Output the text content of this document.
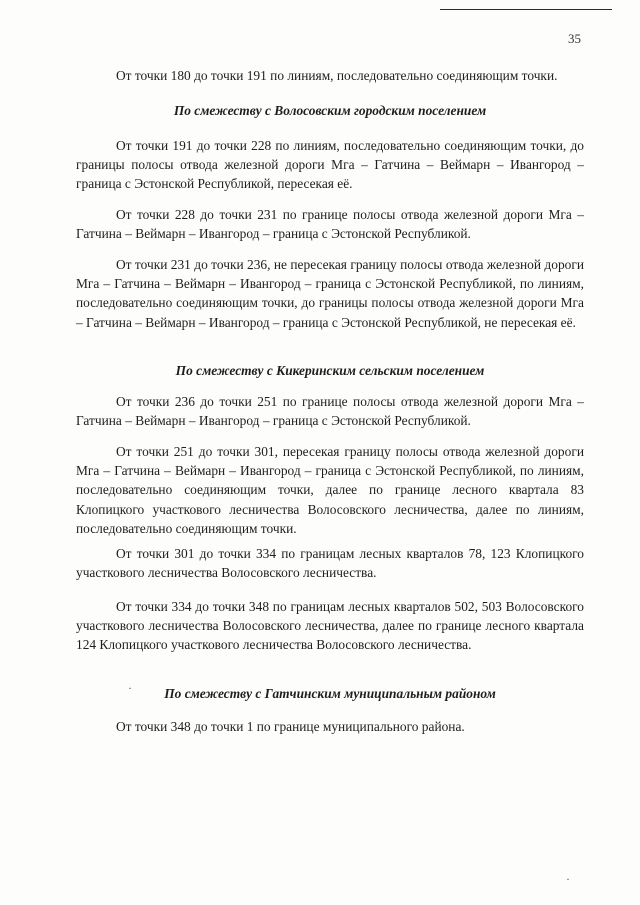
35

От точки 180 до точки 191 по линиям, последовательно соединяющим точки.

По смежеству с Волосовским городским поселением

От точки 191 до точки 228 по линиям, последовательно соединяющим точки, до границы полосы отвода железной дороги Мга – Гатчина – Веймарн – Ивангород – граница с Эстонской Республикой, пересекая её.

От точки 228 до точки 231 по границе полосы отвода железной дороги Мга – Гатчина – Веймарн – Ивангород – граница с Эстонской Республикой.

От точки 231 до точки 236, не пересекая границу полосы отвода железной дороги Мга – Гатчина – Веймарн – Ивангород – граница с Эстонской Республикой, по линиям, последовательно соединяющим точки, до границы полосы отвода железной дороги Мга – Гатчина – Веймарн – Ивангород – граница с Эстонской Республикой, не пересекая её.

По смежеству с Кикеринским сельским поселением

От точки 236 до точки 251 по границе полосы отвода железной дороги Мга – Гатчина – Веймарн – Ивангород – граница с Эстонской Республикой.

От точки 251 до точки 301, пересекая границу полосы отвода железной дороги Мга – Гатчина – Веймарн – Ивангород – граница с Эстонской Республикой, по линиям, последовательно соединяющим точки, далее по границе лесного квартала 83 Клопицкого участкового лесничества Волосовского лесничества, далее по линиям, последовательно соединяющим точки.

От точки 301 до точки 334 по границам лесных кварталов 78, 123 Клопицкого участкового лесничества Волосовского лесничества.

От точки 334 до точки 348 по границам лесных кварталов 502, 503 Волосовского участкового лесничества Волосовского лесничества, далее по границе лесного квартала 124 Клопицкого участкового лесничества Волосовского лесничества.

По смежеству с Гатчинским муниципальным районом

От точки 348 до точки 1 по границе муниципального района.

·
·
